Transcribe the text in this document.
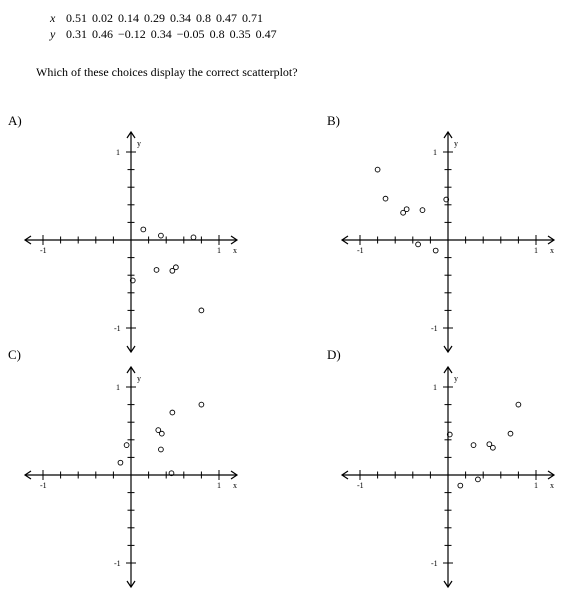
x 0.51 0.02 0.14 0.29 0.34 0.8 0.47 0.71
y 0.31 0.46 −0.12 0.34 −0.05 0.8 0.35 0.47
Which of these choices display the correct scatterplot?
A)	B)
C)	D)
-1	1 x
1
-1
y
-1	1 x
1
-1
y
-1	1 x
1
-1
y
-1	1 x
1
-1
y
